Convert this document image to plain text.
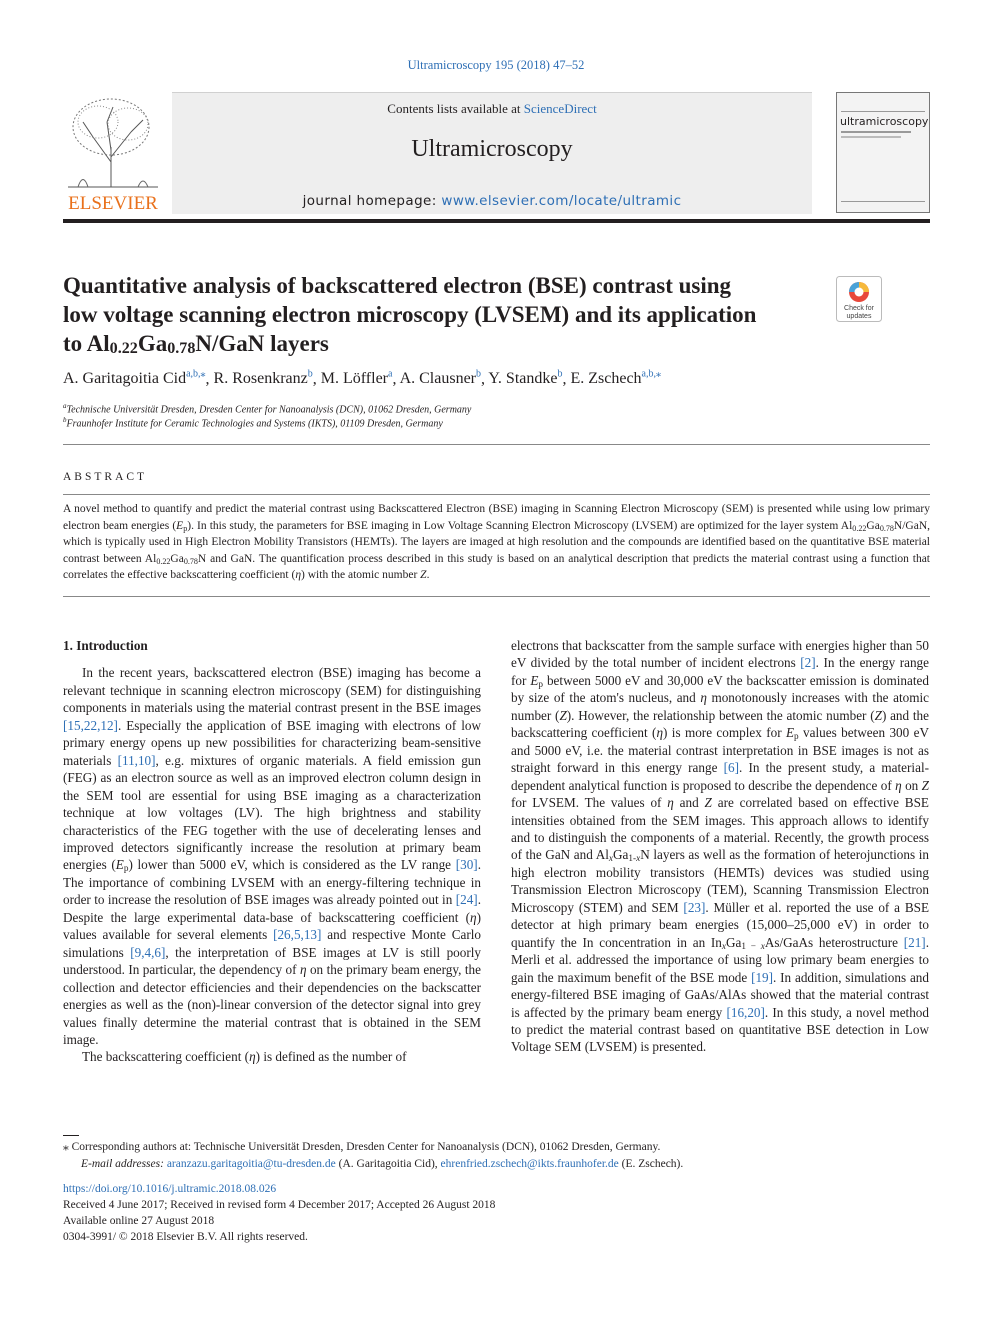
Ultramicroscopy 195 (2018) 47–52
ELSEVIER
Contents lists available at ScienceDirect
Ultramicroscopy
journal homepage: www.elsevier.com/locate/ultramic
ultramicroscopy
Quantitative analysis of backscattered electron (BSE) contrast using
low voltage scanning electron microscopy (LVSEM) and its application
to $Al_{0.22}Ga_{0.78}N$/GaN layers
Check for
updates
A. Garitagoitia Cid$^{a,b,⁎}$, R. Rosenkranz$^b$, M. Löffler$^a$, A. Clausner$^b$, Y. Standke$^b$, E. Zschech$^{a,b,⁎}$
$^a$Technische Universität Dresden, Dresden Center for Nanoanalysis (DCN), 01062 Dresden, Germany
$^b$Fraunhofer Institute for Ceramic Technologies and Systems (IKTS), 01109 Dresden, Germany
ABSTRACT
A novel method to quantify and predict the material contrast using Backscattered Electron (BSE) imaging in Scanning Electron Microscopy (SEM) is presented while using low primary electron beam energies $(E_p)$. In this study, the parameters for BSE imaging in Low Voltage Scanning Electron Microscopy (LVSEM) are optimized for the layer system $Al_{0.22}Ga_{0.78}N$/GaN, which is typically used in High Electron Mobility Transistors (HEMTs). The layers are imaged at high resolution and the compounds are identified based on the quantitative BSE material contrast between $Al_{0.22}Ga_{0.78}N$ and GaN. The quantification process described in this study is based on an analytical description that predicts the material contrast using a function that correlates the effective backscattering coefficient (η) with the atomic number Z.

1. Introduction

In the recent years, backscattered electron (BSE) imaging has become a relevant technique in scanning electron microscopy (SEM) for distinguishing components in materials using the material contrast present in the BSE images [15,22,12]. Especially the application of BSE imaging with electrons of low primary energy opens up new possibilities for characterizing beam-sensitive materials [11,10], e.g. mixtures of organic materials. A field emission gun (FEG) as an electron source as well as an improved electron column design in the SEM tool are essential for using BSE imaging as a characterization technique at low voltages (LV). The high brightness and stability characteristics of the FEG together with the use of decelerating lenses and improved detectors significantly increase the resolution at primary beam energies $(E_p)$ lower than 5000 eV, which is considered as the LV range [30]. The importance of combining LVSEM with an energy-filtering technique in order to increase the resolution of BSE images was already pointed out in [24]. Despite the large experimental data-base of backscattering coefficient (η) values available for several elements [26,5,13] and respective Monte Carlo simulations [9,4,6], the interpretation of BSE images at LV is still poorly understood. In particular, the dependency of η on the primary beam energy, the collection and detector efficiencies and their dependencies on the backscatter energies as well as the (non)-linear conversion of the detector signal into grey values finally determine the material contrast that is obtained in the SEM image.

The backscattering coefficient (η) is defined as the number of

electrons that backscatter from the sample surface with energies higher than 50 eV divided by the total number of incident electrons [2]. In the energy range for $E_p$ between 5000 eV and 30,000 eV the backscatter emission is dominated by size of the atom's nucleus, and η monotonously increases with the atomic number (Z). However, the relationship between the atomic number (Z) and the backscattering coefficient (η) is more complex for $E_p$ values between 300 eV and 5000 eV, i.e. the material contrast interpretation in BSE images is not as straight forward in this energy range [6]. In the present study, a material-dependent analytical function is proposed to describe the dependence of η on Z for LVSEM. The values of η and Z are correlated based on effective BSE intensities obtained from the SEM images. This approach allows to identify and to distinguish the components of a material. Recently, the growth process of the GaN and $Al_xGa_{1-x}N$ layers as well as the formation of heterojunctions in high electron mobility transistors (HEMTs) devices was studied using Transmission Electron Microscopy (TEM), Scanning Transmission Electron Microscopy (STEM) and SEM [23]. Müller et al. reported the use of a BSE detector at high primary beam energies (15,000–25,000 eV) in order to quantify the In concentration in an $In_xGa_{1 - x}As$/GaAs heterostructure [21]. Merli et al. addressed the importance of using low primary beam energies to gain the maximum benefit of the BSE mode [19]. In addition, simulations and energy-filtered BSE imaging of GaAs/AlAs showed that the material contrast is affected by the primary beam energy [16,20]. In this study, a novel method to predict the material contrast based on quantitative BSE detection in Low Voltage SEM (LVSEM) is presented.

⁎ Corresponding authors at: Technische Universität Dresden, Dresden Center for Nanoanalysis (DCN), 01062 Dresden, Germany.
E-mail addresses: aranzazu.garitagoitia@tu-dresden.de (A. Garitagoitia Cid), ehrenfried.zschech@ikts.fraunhofer.de (E. Zschech).
https://doi.org/10.1016/j.ultramic.2018.08.026
Received 4 June 2017; Received in revised form 4 December 2017; Accepted 26 August 2018
Available online 27 August 2018
0304-3991/ © 2018 Elsevier B.V. All rights reserved.
